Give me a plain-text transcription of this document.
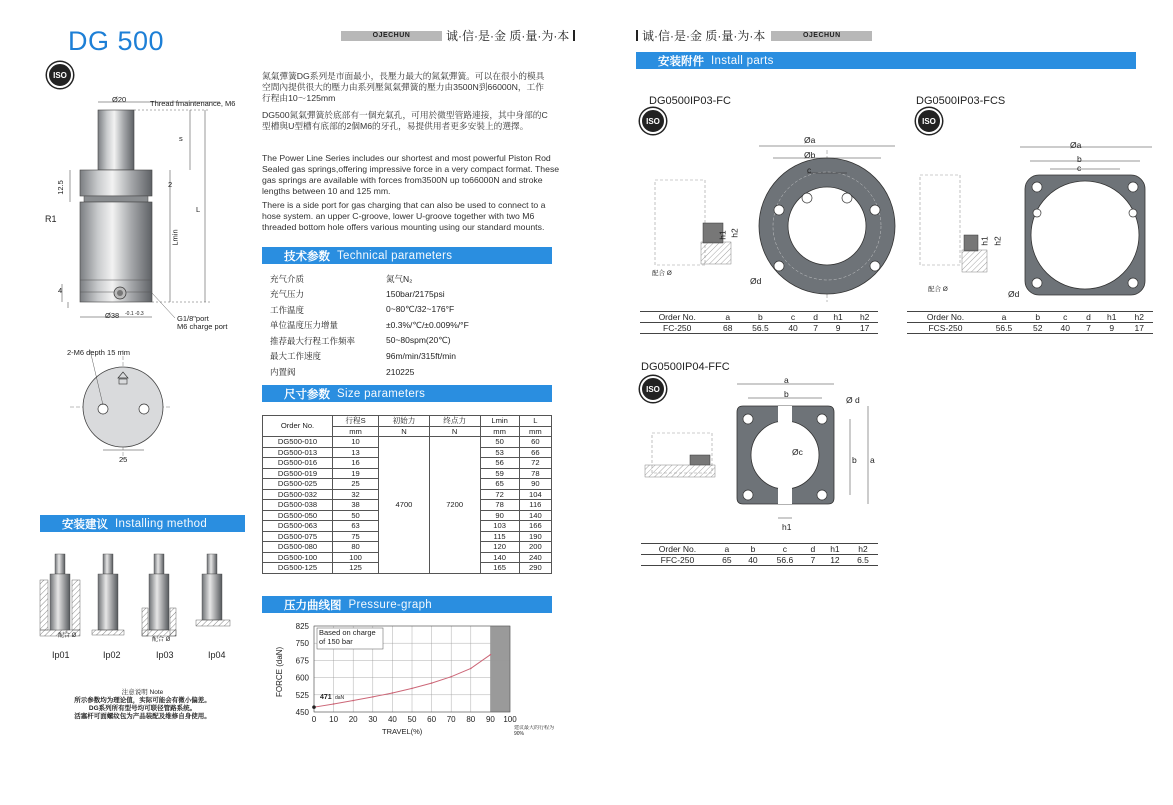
DG 500
ISO
OJECHUN	诚·信·是·金 质·量·为·本
Ø20	Thread fmaintenance, M6
s
L
Lmin
12.5
R1
4
2
Ø38 -0.1 -0.3	G1/8"port
M6 charge port
2-M6 depth 15 mm
25
氮氣彈簧DG系列是市面最小，長壓力最大的氮氣彈簧。可以在很小的模具空間內提供很大的壓力由系列壓氮氣彈簧的壓力由3500N到66000N，工作行程由10～125mm
DG500氮氣彈簧於底部有一個充氣孔，可用於微型管路連接，其中身部的C型槽與U型槽有底部的2個M6的牙孔，易提供用者更多安裝上的選擇。
The Power Line Series includes our shortest and most powerful Piston Rod Sealed gas springs,offering impressive force in a very compact format. These gas springs are available with forces from3500N up to66000N and stroke lengths between 10 and 125 mm.
There is a side port for gas charging that can also be used to connect to a hose system. an upper C-groove, lower U-groove together with two M6 threaded bottom hole offers various mounting using our standard mounts.
技术参数 Technical parameters
充气介质	氮气N₂
充气压力	150bar/2175psi
工作温度	0~80℃/32~176°F
单位温度压力增量	±0.3%/℃/±0.009%/°F
推荐最大行程工作频率	50~80spm(20℃)
最大工作速度	96m/min/315ft/min
内置阀	210225
尺寸参数 Size parameters
Order No.	行程S	初始力	终点力	Lmin	L
	mm	N	N	mm	mm
DG500-010	10	4700	7200	50	60
DG500-013	13			53	66
DG500-016	16			56	72
DG500-019	19			59	78
DG500-025	25			65	90
DG500-032	32			72	104
DG500-038	38			78	116
DG500-050	50			90	140
DG500-063	63			103	166
DG500-075	75			115	190
DG500-080	80			120	200
DG500-100	100			140	240
DG500-125	125			165	290
安装建议 Installing method
配合 Ø
配合 Ø
Ip01	Ip02	Ip03	Ip04
注意说明 Note
所示参数均为理论值，实际可能会有微小偏差。
DG系列所有型号均可联径管路系统。
活塞杆可面螺纹包为产品装配及维修自身使用。
压力曲线图 Pressure-graph
450
525
600
675
750
825
0 10 20 30 40 50 60 70 80 90 100
471 daN
Based on charge of 150 bar
TRAVEL(%)
FORCE (daN)
建议最大的行程为 90%
诚·信·是·金 质·量·为·本	OJECHUN
安装附件 Install parts
DG0500IP03-FC
ISO
Øa
Øb
c
Ød
h1 h2
配合 Ø
Order No.	a	b	c	d	h1	h2
FC-250	68	56.5	40	7	9	17
DG0500IP03-FCS
ISO
Øa
b
c
Ød
h1 h2
配合 Ø
Order No.	a	b	c	d	h1	h2
FCS-250	56.5	52	40	7	9	17
DG0500IP04-FFC
ISO
a
b
Øc
Ø d
h1
b a
Order No.	a	b	c	d	h1	h2
FFC-250	65	40	56.6	7	12	6.5
